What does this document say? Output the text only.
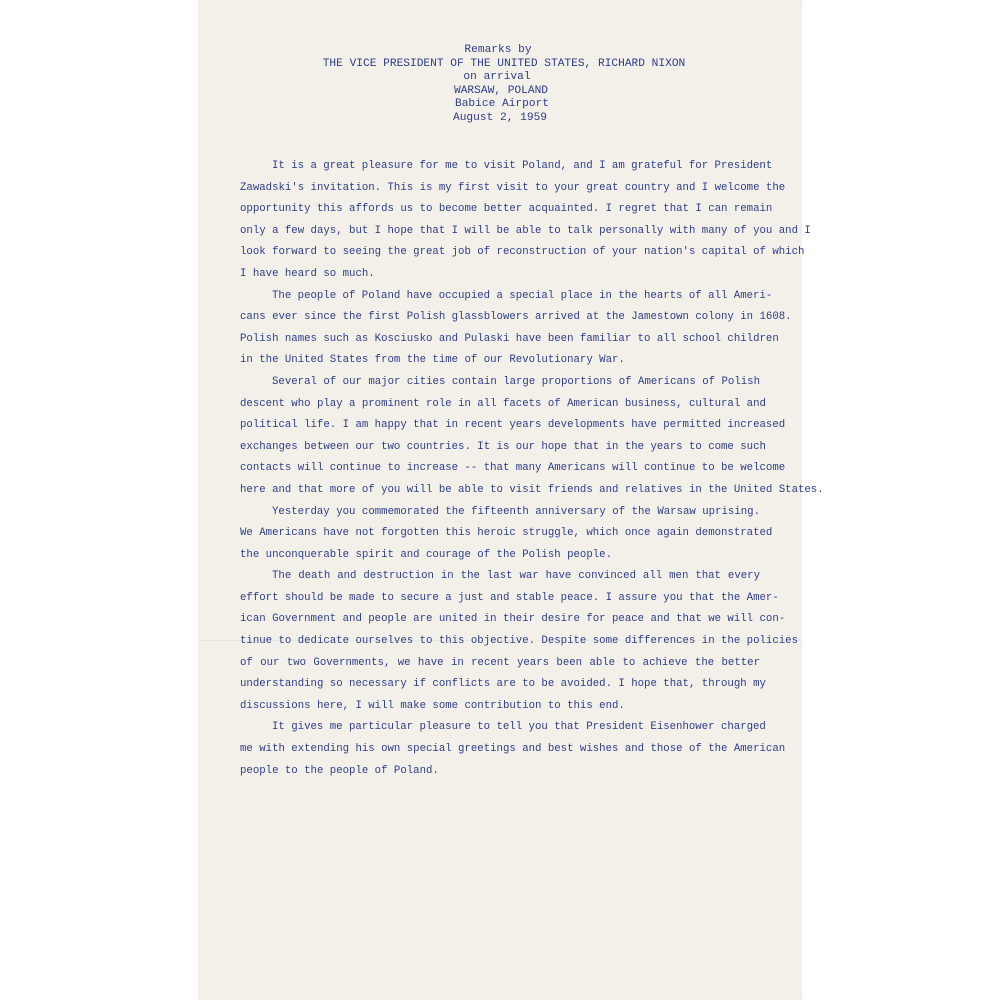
Remarks by
THE VICE PRESIDENT OF THE UNITED STATES, RICHARD NIXON
on arrival
WARSAW, POLAND
Babice Airport
August 2, 1959
It is a great pleasure for me to visit Poland, and I am grateful for President
Zawadski's invitation. This is my first visit to your great country and I welcome the
opportunity this affords us to become better acquainted. I regret that I can remain
only a few days, but I hope that I will be able to talk personally with many of you and I
look forward to seeing the great job of reconstruction of your nation's capital of which
I have heard so much.
The people of Poland have occupied a special place in the hearts of all Ameri-
cans ever since the first Polish glassblowers arrived at the Jamestown colony in 1608.
Polish names such as Kosciusko and Pulaski have been familiar to all school children
in the United States from the time of our Revolutionary War.
Several of our major cities contain large proportions of Americans of Polish
descent who play a prominent role in all facets of American business, cultural and
political life. I am happy that in recent years developments have permitted increased
exchanges between our two countries. It is our hope that in the years to come such
contacts will continue to increase -- that many Americans will continue to be welcome
here and that more of you will be able to visit friends and relatives in the United States.
Yesterday you commemorated the fifteenth anniversary of the Warsaw uprising.
We Americans have not forgotten this heroic struggle, which once again demonstrated
the unconquerable spirit and courage of the Polish people.
The death and destruction in the last war have convinced all men that every
effort should be made to secure a just and stable peace. I assure you that the Amer-
ican Government and people are united in their desire for peace and that we will con-
tinue to dedicate ourselves to this objective. Despite some differences in the policies
of our two Governments, we have in recent years been able to achieve the better
understanding so necessary if conflicts are to be avoided. I hope that, through my
discussions here, I will make some contribution to this end.
It gives me particular pleasure to tell you that President Eisenhower charged
me with extending his own special greetings and best wishes and those of the American
people to the people of Poland.
